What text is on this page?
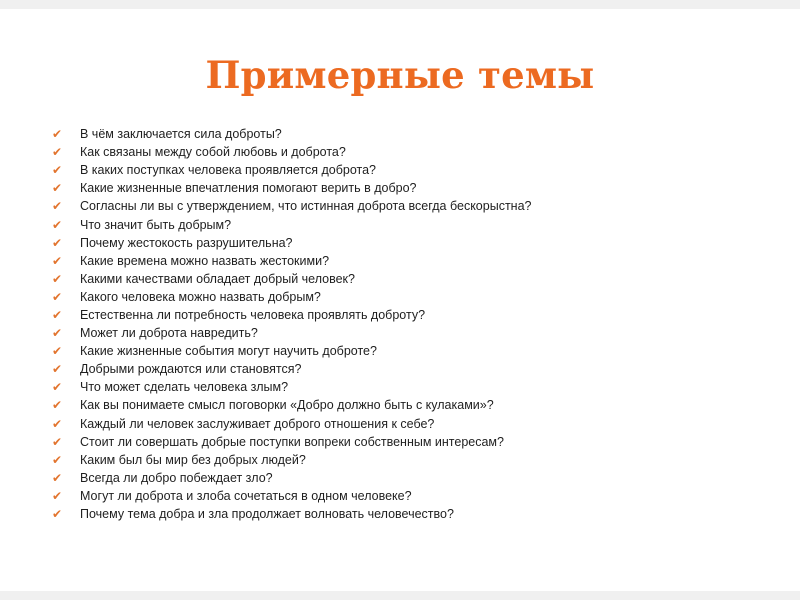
Примерные темы
✔	В чём заключается сила доброты?
✔	Как связаны между собой любовь и доброта?
✔	В каких поступках человека проявляется доброта?
✔	Какие жизненные впечатления помогают верить в добро?
✔	Согласны ли вы с утверждением, что истинная доброта всегда бескорыстна?
✔	Что значит быть добрым?
✔	Почему жестокость разрушительна?
✔	Какие времена можно назвать жестокими?
✔	Какими качествами обладает добрый человек?
✔	Какого человека можно назвать добрым?
✔	Естественна ли потребность человека проявлять доброту?
✔	Может ли доброта навредить?
✔	Какие жизненные события могут научить доброте?
✔	Добрыми рождаются или становятся?
✔	Что может сделать человека злым?
✔	Как вы понимаете смысл поговорки «Добро должно быть с кулаками»?
✔	Каждый ли человек заслуживает доброго отношения к себе?
✔	Стоит ли совершать добрые поступки вопреки собственным интересам?
✔	Каким был бы мир без добрых людей?
✔	Всегда ли добро побеждает зло?
✔	Могут ли доброта и злоба сочетаться в одном человеке?
✔	Почему тема добра и зла продолжает волновать человечество?
